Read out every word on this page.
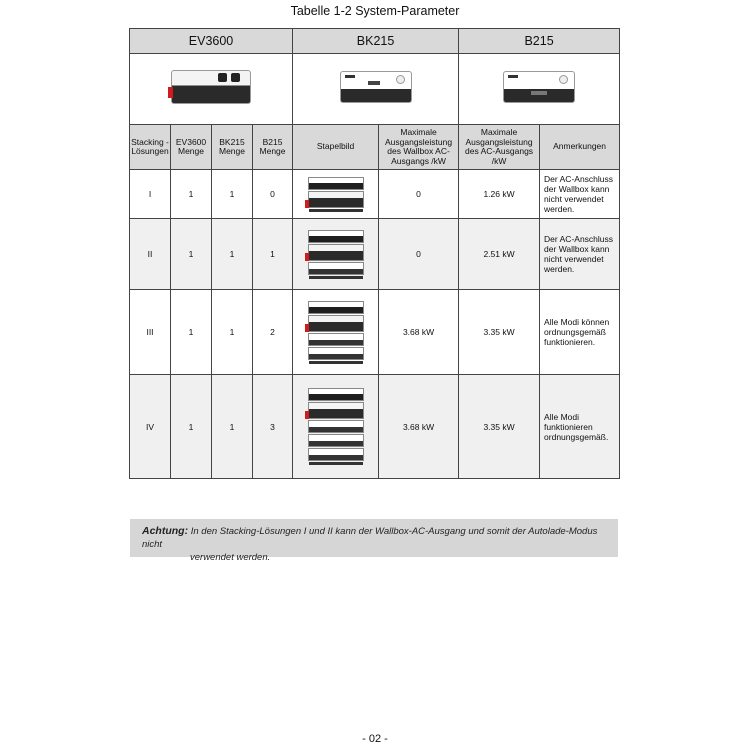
Tabelle 1-2 System-Parameter
EV3600				BK215		B215	

Stacking - Lösungen	EV3600 Menge	BK215 Menge	B215 Menge	Stapelbild	Maximale Ausgangsleistung des Wallbox AC-Ausgangs /kW	Maximale Ausgangsleistung des AC-Ausgangs /kW	Anmerkungen
I	1	1	0		0	1.26 kW	Der AC-Anschluss der Wallbox kann nicht verwendet werden.
II	1	1	1		0	2.51 kW	Der AC-Anschluss der Wallbox kann nicht verwendet werden.
III	1	1	2		3.68 kW	3.35 kW	Alle Modi können ordnungsgemäß funktionieren.
IV	1	1	3		3.68 kW	3.35 kW	Alle Modi funktionieren ordnungsgemäß.
Achtung: In den Stacking-Lösungen I und II kann der Wallbox-AC-Ausgang und somit der Autolade-Modus nicht
verwendet werden.
- 02 -
